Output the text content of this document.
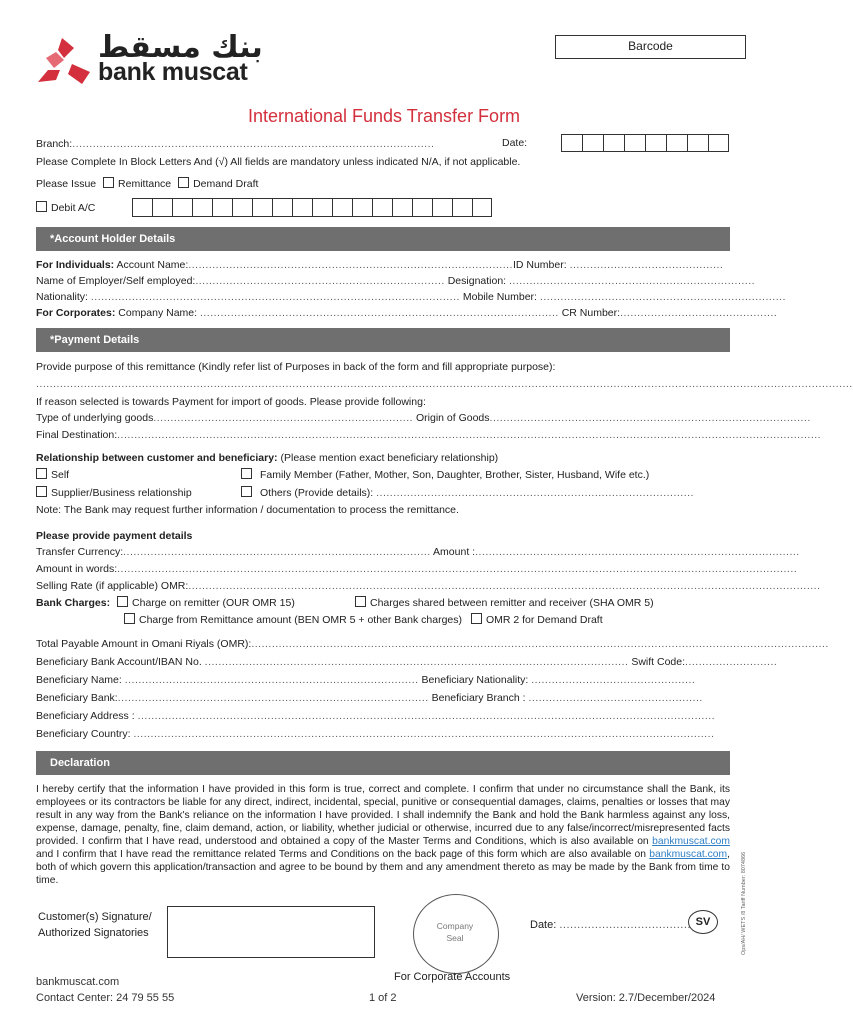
بنك مسقط
bank muscat
Barcode
International Funds Transfer Form
Branch:..........................................................................................................	Date:
Please Complete In Block Letters And (√) All fields are mandatory unless indicated N/A, if not applicable.
Please Issue Remittance Demand Draft
Debit A/C
*Account Holder Details
For Individuals: Account Name:...............................................................................................ID Number: .............................................
Name of Employer/Self employed:......................................................................... Designation: ........................................................................
Nationality: ............................................................................................................ Mobile Number: ........................................................................
For Corporates: Company Name: ......................................................................................................... CR Number:..............................................
*Payment Details
Provide purpose of this remittance (Kindly refer list of Purposes in back of the form and fill appropriate purpose):
...............................................................................................................................................................................................................................................
If reason selected is towards Payment for import of goods. Please provide following:
Type of underlying goods............................................................................ Origin of Goods..............................................................................................
Final Destination:..............................................................................................................................................................................................................
Relationship between customer and beneficiary: (Please mention exact beneficiary relationship)
Self	Family Member (Father, Mother, Son, Daughter, Brother, Sister, Husband, Wife etc.)
Supplier/Business relationship	Others (Provide details): .............................................................................................
Note: The Bank may request further information / documentation to process the remittance.
Please provide payment details
Transfer Currency:.......................................................................................... Amount :...............................................................................................
Amount in words:.......................................................................................................................................................................................................
Selling Rate (if applicable) OMR:.........................................................................................................................................................................................
Bank Charges: Charge on remitter (OUR OMR 15)	Charges shared between remitter and receiver (SHA OMR 5)
Charge from Remittance amount (BEN OMR 5 + other Bank charges) OMR 2 for Demand Draft
Total Payable Amount in Omani Riyals (OMR):.........................................................................................................................................................................
Beneficiary Bank Account/IBAN No. ............................................................................................................................ Swift Code:...........................
Beneficiary Name: ...................................................................................... Beneficiary Nationality: ................................................
Beneficiary Bank:........................................................................................... Beneficiary Branch : ...................................................
Beneficiary Address : .........................................................................................................................................................................
Beneficiary Country: ..........................................................................................................................................................................
Declaration
I hereby certify that the information I have provided in this form is true, correct and complete. I confirm that under no circumstance shall the Bank, its employees or its contractors be liable for any direct, indirect, incidental, special, punitive or consequential damages, claims, penalties or losses that may result in any way from the Bank's reliance on the information I have provided. I shall indemnify the Bank and hold the Bank harmless against any loss, expense, damage, penalty, fine, claim demand, action, or liability, whether judicial or otherwise, incurred due to any false/incorrect/misrepresented facts provided. I confirm that I have read, understood and obtained a copy of the Master Terms and Conditions, which is also available on bankmuscat.com and I confirm that I have read the remittance related Terms and Conditions on the back page of this form which are also available on bankmuscat.com, both of which govern this application/transaction and agree to be bound by them and any amendment thereto as may be made by the Bank from time to time.
Customer(s) Signature/
Authorized Signatories
Company
Seal
For Corporate Accounts
Date: ..................................... SV	Ops/AH/ WETS /8 Tariff Number: 8074866
bankmuscat.com
Contact Center: 24 79 55 55	1 of 2	Version: 2.7/December/2024
